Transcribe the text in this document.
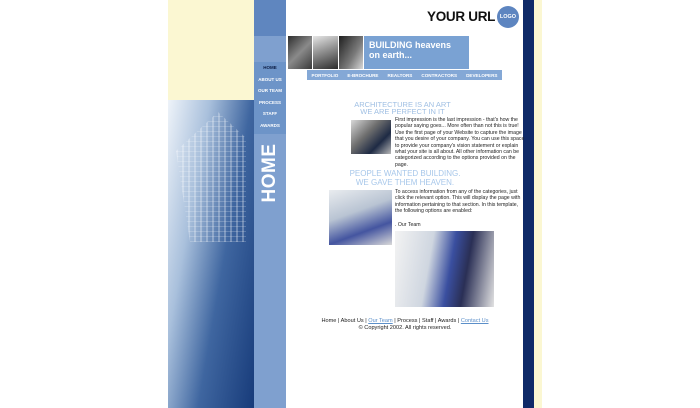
HOME
ABOUT US
OUR TEAM
PROCESS
STAFF
AWARDS
HOME
YOUR URL LOGO
BUILDING heavens
on earth...
PORTFOLIO E-BROCHURE REALTORS CONTRACTORS DEVELOPERS
ARCHITECTURE IS AN ART
WE ARE PERFECT IN IT
First impression is the last impression - that's how the popular saying goes... More often than not this is true! Use the first page of your Website to capture the image that you desire of your company. You can use this space to provide your company's vision statement or explain what your site is all about. All other information can be categorized according to the options provided on the page.
PEOPLE WANTED BUILDING.
WE GAVE THEM HEAVEN.
To access information from any of the categories, just click the relevant option. This will display the page with information pertaining to that section. In this template, the following options are enabled:
. Our Team
Home | About Us | Our Team | Process | Staff | Awards | Contact Us
© Copyright 2002. All rights reserved.
